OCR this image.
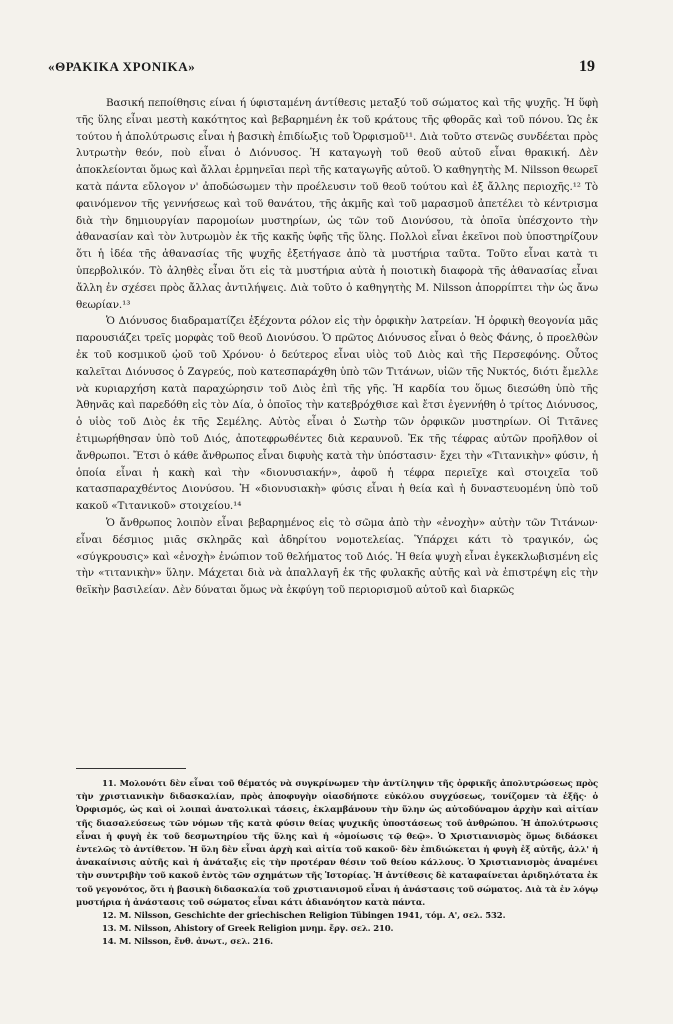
«ΘΡΑΚΙΚΑ ΧΡΟΝΙΚΑ»	19

Βασική πεποίθησις είναι ή ύφισταμένη άντίθεσις μεταξύ τοῦ σώματος καὶ τῆς ψυχῆς. Ἡ ὕφὴ τῆς ὕλης εἶναι μεστὴ κακότητος καὶ βεβαρημένη ἐκ τοῦ κράτους τῆς φθορᾶς καὶ τοῦ πόνου. Ὡς ἐκ τούτου ἡ ἀπολύτρωσις εἶναι ἡ βασικὴ ἐπιδίωξις τοῦ Ὀρφισμοῦ¹¹. Διὰ τοῦτο στενῶς συνδέεται πρὸς λυτρωτὴν θεόν, ποὺ εἶναι ὁ Διόνυσος. Ἡ καταγωγὴ τοῦ θεοῦ αὐτοῦ εἶναι θρακική. Δὲν ἀποκλείονται ὅμως καὶ ἄλλαι ἑρμηνεῖαι περὶ τῆς καταγωγῆς αὐτοῦ. Ὁ καθηγητὴς M. Nilsson θεωρεῖ κατὰ πάντα εὔλογον ν' ἀποδώσωμεν τὴν προέλευσιν τοῦ θεοῦ τούτου καὶ ἐξ ἄλλης περιοχῆς.¹² Τὸ φαινόμενον τῆς γεννήσεως καὶ τοῦ θανάτου, τῆς ἀκμῆς καὶ τοῦ μαρασμοῦ ἀπετέλει τὸ κέντρισμα διὰ τὴν δημιουργίαν παρομοίων μυστηρίων, ὡς τῶν τοῦ Διονύσου, τὰ ὁποῖα ὑπέσχοντο τὴν ἀθανασίαν καὶ τὸν λυτρωμὸν ἐκ τῆς κακῆς ὑφῆς τῆς ὕλης. Πολλοὶ εἶναι ἐκεῖνοι ποὺ ὑποστηρίζουν ὅτι ἡ ἰδέα τῆς ἀθανασίας τῆς ψυχῆς ἐξετήγασε ἀπὸ τὰ μυστήρια ταῦτα. Τοῦτο εἶναι κατὰ τι ὑπερβολικόν. Τὸ ἀληθὲς εἶναι ὅτι εἰς τὰ μυστήρια αὐτὰ ἡ ποιοτικὴ διαφορὰ τῆς ἀθανασίας εἶναι ἄλλη ἐν σχέσει πρὸς ἄλλας ἀντιλήψεις. Διὰ τοῦτο ὁ καθηγητὴς M. Nilsson ἀπορρίπτει τὴν ὡς ἄνω θεωρίαν.¹³

Ὁ Διόνυσος διαδραματίζει ἐξέχοντα ρόλον εἰς τὴν ὀρφικὴν λατρείαν. Ἡ ὀρφικὴ θεογονία μᾶς παρουσιάζει τρεῖς μορφὰς τοῦ θεοῦ Διονύσου. Ὁ πρῶτος Διόνυσος εἶναι ὁ θεὸς Φάνης, ὁ προελθὼν ἐκ τοῦ κοσμικοῦ ᾠοῦ τοῦ Χρόνου· ὁ δεύτερος εἶναι υἱὸς τοῦ Διὸς καὶ τῆς Περσεφόνης. Οὗτος καλεῖται Διόνυσος ὁ Ζαγρεύς, ποὺ κατεσπαράχθη ὑπὸ τῶν Τιτάνων, υἱῶν τῆς Νυκτός, διότι ἔμελλε νὰ κυριαρχήση κατὰ παραχώρησιν τοῦ Διὸς ἐπὶ τῆς γῆς. Ἡ καρδία του ὅμως διεσώθη ὑπὸ τῆς Ἀθηνᾶς καὶ παρεδόθη εἰς τὸν Δία, ὁ ὁποῖος τὴν κατεβρόχθισε καὶ ἔτσι ἐγεννήθη ὁ τρίτος Διόνυσος, ὁ υἱὸς τοῦ Διὸς ἐκ τῆς Σεμέλης. Αὐτὸς εἶναι ὁ Σωτὴρ τῶν ὀρφικῶν μυστηρίων. Οἱ Τιτᾶνες ἐτιμωρήθησαν ὑπὸ τοῦ Διός, ἀποτεφρωθέντες διὰ κεραυνοῦ. Ἐκ τῆς τέφρας αὐτῶν προῆλθον οἱ ἄνθρωποι. Ἔτσι ὁ κάθε ἄνθρωπος εἶναι διφυὴς κατὰ τὴν ὑπόστασιν· ἔχει τὴν «Τιτανικὴν» φύσιν, ἡ ὁποία εἶναι ἡ κακὴ καὶ τὴν «διονυσιακήν», ἀφοῦ ἡ τέφρα περιεῖχε καὶ στοιχεῖα τοῦ κατασπαραχθέντος Διονύσου. Ἡ «διονυσιακὴ» φύσις εἶναι ἡ θεία καὶ ἡ δυναστευομένη ὑπὸ τοῦ κακοῦ «Τιτανικοῦ» στοιχείου.¹⁴

Ὁ ἄνθρωπος λοιπὸν εἶναι βεβαρημένος εἰς τὸ σῶμα ἀπὸ τὴν «ἐνοχὴν» αὐτὴν τῶν Τιτάνων· εἶναι δέσμιος μιᾶς σκληρᾶς καὶ ἀδηρίτου νομοτελείας. Ὑπάρχει κάτι τὸ τραγικόν, ὡς «σύγκρουσις» καὶ «ἐνοχὴ» ἐνώπιον τοῦ θελήματος τοῦ Διός. Ἡ θεία ψυχὴ εἶναι ἐγκεκλωβισμένη εἰς τὴν «τιτανικὴν» ὕλην. Μάχεται διὰ νὰ ἀπαλλαγῆ ἐκ τῆς φυλακῆς αὐτῆς καὶ νὰ ἐπιστρέψη εἰς τὴν θεϊκὴν βασιλείαν. Δὲν δύναται ὅμως νὰ ἐκφύγη τοῦ περιορισμοῦ αὐτοῦ καὶ διαρκῶς

11. Μολονότι δὲν εἶναι τοῦ θέματός νὰ συγκρίνωμεν τὴν ἀντίληψιν τῆς ὀρφικῆς ἀπολυτρώσεως πρὸς τὴν χριστιανικὴν διδασκαλίαν, πρὸς ἀποφυγὴν οἱασδήποτε εὐκόλου συγχύσεως, τονίζομεν τὰ ἑξῆς· ὁ Ὀρφισμός, ὡς καὶ οἱ λοιπαὶ ἀνατολικαὶ τάσεις, ἐκλαμβάνουν τὴν ὕλην ὡς αὐτοδύναμον ἀρχὴν καὶ αἰτίαν τῆς διασαλεύσεως τῶν νόμων τῆς κατὰ φύσιν θείας ψυχικῆς ὑποστάσεως τοῦ ἀνθρώπου. Ἡ ἀπολύτρωσις εἶναι ἡ φυγὴ ἐκ τοῦ δεσμωτηρίου τῆς ὕλης καὶ ἡ «ὁμοίωσις τῷ θεῷ». Ὁ Χριστιανισμὸς ὅμως διδάσκει ἐντελῶς τὸ ἀντίθετον. Ἡ ὕλη δὲν εἶναι ἀρχὴ καὶ αἰτία τοῦ κακοῦ· δὲν ἐπιδιώκεται ἡ φυγὴ ἐξ αὐτῆς, ἀλλ' ἡ ἀνακαίνισις αὐτῆς καὶ ἡ ἀνάταξις εἰς τὴν προτέραν θέσιν τοῦ θείου κάλλους. Ὁ Χριστιανισμὸς ἀναμένει τὴν συντριβὴν τοῦ κακοῦ ἐντὸς τῶν σχημάτων τῆς Ἱστορίας. Ἡ ἀντίθεσις δὲ καταφαίνεται ἀριδηλότατα ἐκ τοῦ γεγονότος, ὅτι ἡ βασικὴ διδασκαλία τοῦ χριστιανισμοῦ εἶναι ἡ ἀνάστασις τοῦ σώματος. Διὰ τὰ ἐν λόγῳ μυστήρια ἡ ἀνάστασις τοῦ σώματος εἶναι κάτι ἀδιανόητον κατὰ πάντα.

12. M. Nilsson, Geschichte der griechischen Religion Tübingen 1941, τόμ. A', σελ. 532.

13. M. Nilsson, Ahistory of Greek Religion μνημ. ἔργ. σελ. 210.

14. M. Nilsson, ἔνθ. ἀνωτ., σελ. 216.
